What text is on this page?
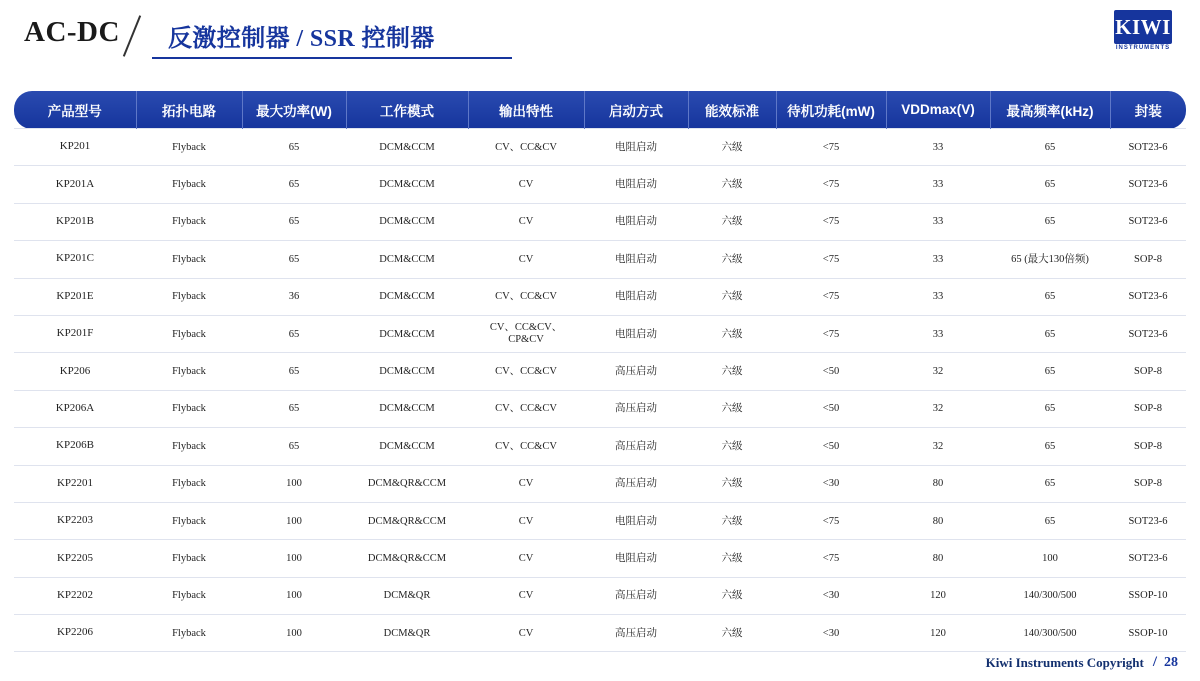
AC-DC 反激控制器 / SSR 控制器	KIWI
INSTRUMENTS
产品型号	拓扑电路	最大功率(W)	工作模式	输出特性	启动方式	能效标准	待机功耗(mW)	VDDmax(V)	最高频率(kHz)	封装
KP201	Flyback	65	DCM&CCM	CV、CC&CV	电阻启动	六级	<75	33	65	SOT23-6
KP201A	Flyback	65	DCM&CCM	CV	电阻启动	六级	<75	33	65	SOT23-6
KP201B	Flyback	65	DCM&CCM	CV	电阻启动	六级	<75	33	65	SOT23-6
KP201C	Flyback	65	DCM&CCM	CV	电阻启动	六级	<75	33	65 (最大130倍频)	SOP-8
KP201E	Flyback	36	DCM&CCM	CV、CC&CV	电阻启动	六级	<75	33	65	SOT23-6
KP201F	Flyback	65	DCM&CCM	CV、CC&CV、
CP&CV	电阻启动	六级	<75	33	65	SOT23-6
KP206	Flyback	65	DCM&CCM	CV、CC&CV	高压启动	六级	<50	32	65	SOP-8
KP206A	Flyback	65	DCM&CCM	CV、CC&CV	高压启动	六级	<50	32	65	SOP-8
KP206B	Flyback	65	DCM&CCM	CV、CC&CV	高压启动	六级	<50	32	65	SOP-8
KP2201	Flyback	100	DCM&QR&CCM	CV	高压启动	六级	<30	80	65	SOP-8
KP2203	Flyback	100	DCM&QR&CCM	CV	电阻启动	六级	<75	80	65	SOT23-6
KP2205	Flyback	100	DCM&QR&CCM	CV	电阻启动	六级	<75	80	100	SOT23-6
KP2202	Flyback	100	DCM&QR	CV	高压启动	六级	<30	120	140/300/500	SSOP-10
KP2206	Flyback	100	DCM&QR	CV	高压启动	六级	<30	120	140/300/500	SSOP-10
Kiwi Instruments Copyright / 28
